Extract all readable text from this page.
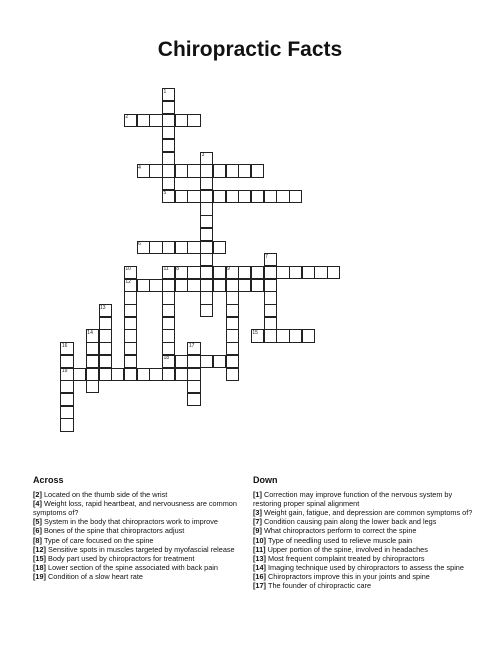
Chiropractic Facts
2
4
5
6
8
12
15
18
19
1
3
7
9
10	11
13
14
16	17
Across

[2] Located on the thumb side of the wrist

[4] Weight loss, rapid heartbeat, and nervousness are common symptoms of?

[5] System in the body that chiropractors work to improve

[6] Bones of the spine that chiropractors adjust

[8] Type of care focused on the spine

[12] Sensitive spots in muscles targeted by myofascial release

[15] Body part used by chiropractors for treatment

[18] Lower section of the spine associated with back pain

[19] Condition of a slow heart rate

Down

[1] Correction may improve function of the nervous system by restoring proper spinal alignment

[3] Weight gain, fatigue, and depression are common symptoms of?

[7] Condition causing pain along the lower back and legs

[9] What chiropractors perform to correct the spine

[10] Type of needling used to relieve muscle pain

[11] Upper portion of the spine, involved in headaches

[13] Most frequent complaint treated by chiropractors

[14] Imaging technique used by chiropractors to assess the spine

[16] Chiropractors improve this in your joints and spine

[17] The founder of chiropractic care
